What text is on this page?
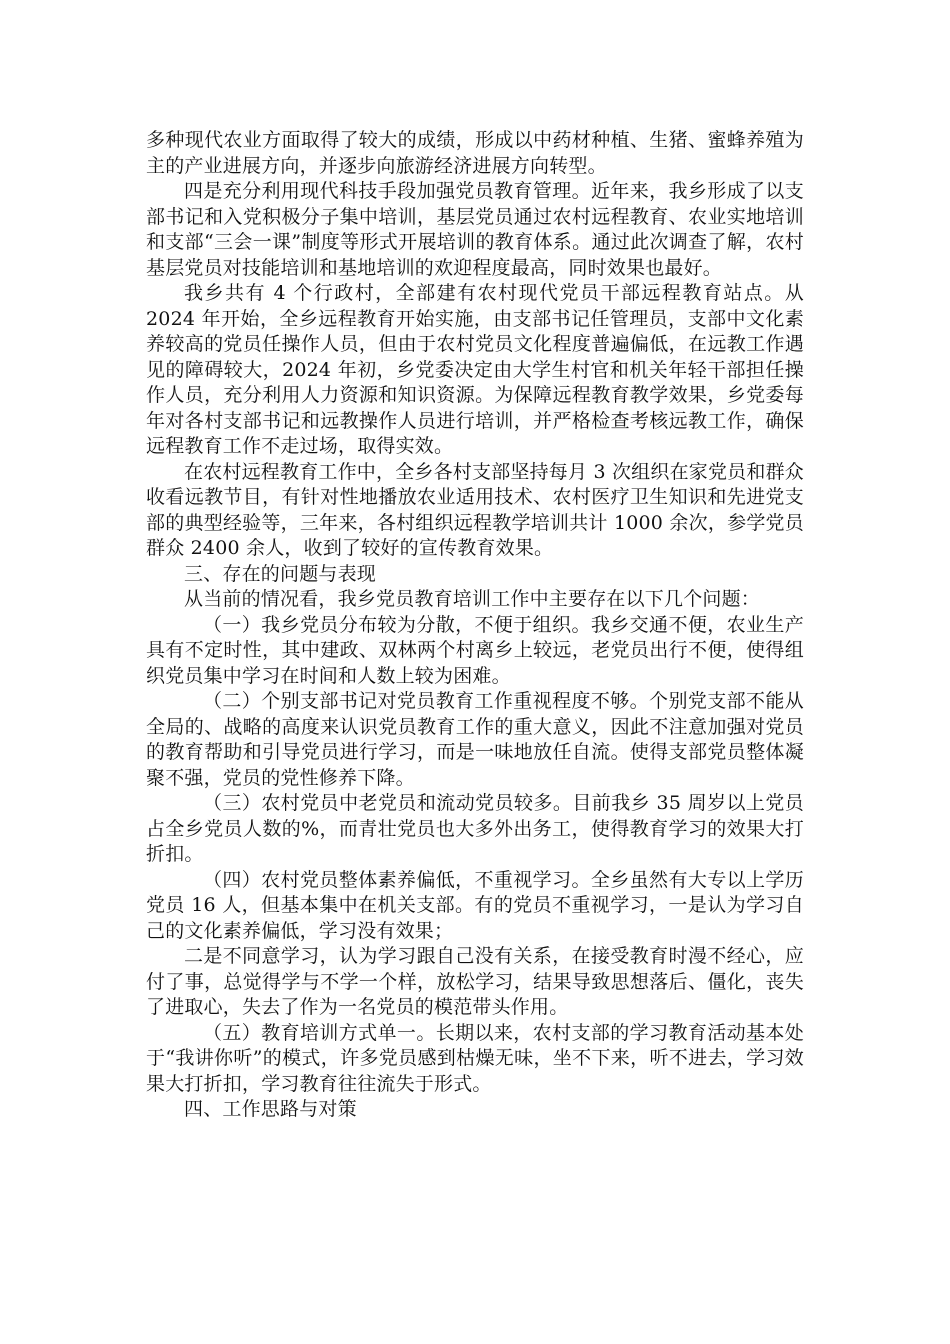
多种现代农业方面取得了较大的成绩，形成以中药材种植、生猪、蜜蜂养殖为主的产业进展方向，并逐步向旅游经济进展方向转型。

四是充分利用现代科技手段加强党员教育管理。近年来，我乡形成了以支部书记和入党积极分子集中培训，基层党员通过农村远程教育、农业实地培训和支部“三会一课”制度等形式开展培训的教育体系。通过此次调查了解，农村基层党员对技能培训和基地培训的欢迎程度最高，同时效果也最好。

我乡共有 4 个行政村，全部建有农村现代党员干部远程教育站点。从 2024 年开始，全乡远程教育开始实施，由支部书记任管理员，支部中文化素养较高的党员任操作人员，但由于农村党员文化程度普遍偏低，在远教工作遇见的障碍较大，2024 年初，乡党委决定由大学生村官和机关年轻干部担任操作人员，充分利用人力资源和知识资源。为保障远程教育教学效果，乡党委每年对各村支部书记和远教操作人员进行培训，并严格检查考核远教工作，确保远程教育工作不走过场，取得实效。

在农村远程教育工作中，全乡各村支部坚持每月 3 次组织在家党员和群众收看远教节目，有针对性地播放农业适用技术、农村医疗卫生知识和先进党支部的典型经验等，三年来，各村组织远程教学培训共计 1000 余次，参学党员群众 2400 余人，收到了较好的宣传教育效果。

三、存在的问题与表现

从当前的情况看，我乡党员教育培训工作中主要存在以下几个问题：

（一）我乡党员分布较为分散，不便于组织。我乡交通不便，农业生产具有不定时性，其中建政、双林两个村离乡上较远，老党员出行不便，使得组织党员集中学习在时间和人数上较为困难。

（二）个别支部书记对党员教育工作重视程度不够。个别党支部不能从全局的、战略的高度来认识党员教育工作的重大意义，因此不注意加强对党员的教育帮助和引导党员进行学习，而是一味地放任自流。使得支部党员整体凝聚不强，党员的党性修养下降。

（三）农村党员中老党员和流动党员较多。目前我乡 35 周岁以上党员占全乡党员人数的%，而青壮党员也大多外出务工，使得教育学习的效果大打折扣。

（四）农村党员整体素养偏低，不重视学习。全乡虽然有大专以上学历党员 16 人，但基本集中在机关支部。有的党员不重视学习，一是认为学习自己的文化素养偏低，学习没有效果；

二是不同意学习，认为学习跟自己没有关系，在接受教育时漫不经心，应付了事，总觉得学与不学一个样，放松学习，结果导致思想落后、僵化，丧失了进取心，失去了作为一名党员的模范带头作用。

（五）教育培训方式单一。长期以来，农村支部的学习教育活动基本处于“我讲你听”的模式，许多党员感到枯燥无味，坐不下来，听不进去，学习效果大打折扣，学习教育往往流失于形式。

四、工作思路与对策
